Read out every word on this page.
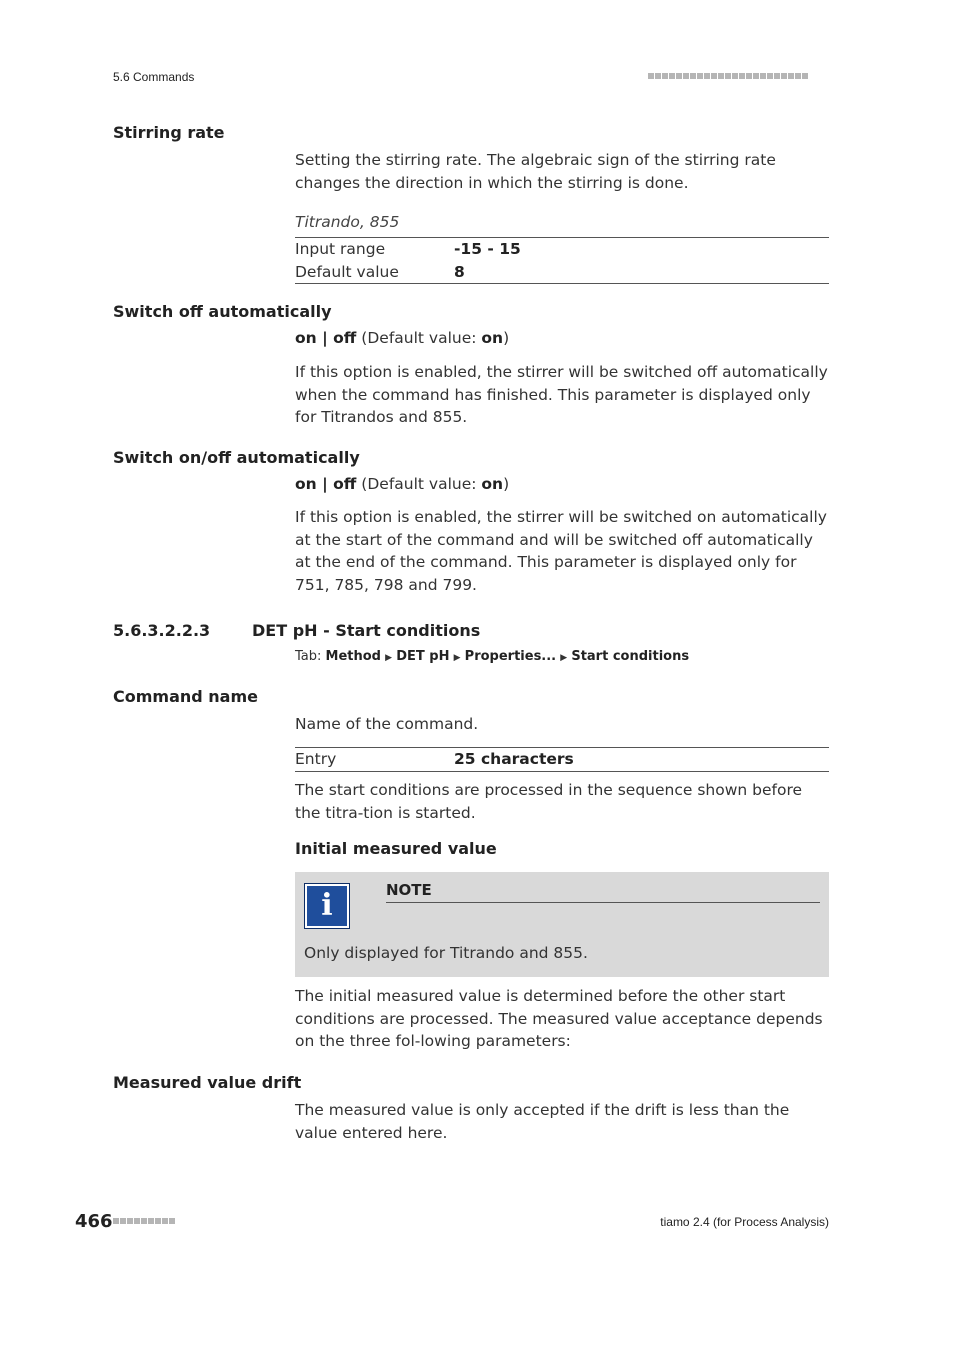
5.6 Commands
Stirring rate

Setting the stirring rate. The algebraic sign of the stirring rate changes the direction in which the stirring is done.

Titrando, 855
Input range	-15 - 15
Default value	8
Switch off automatically
on | off (Default value: on)

If this option is enabled, the stirrer will be switched off automatically when the command has finished. This parameter is displayed only for Titrandos and 855.

Switch on/off automatically
on | off (Default value: on)

If this option is enabled, the stirrer will be switched on automatically at the start of the command and will be switched off automatically at the end of the command. This parameter is displayed only for 751, 785, 798 and 799.

5.6.3.2.2.3	DET pH - Start conditions
Tab: Method ▶ DET pH ▶ Properties... ▶ Start conditions
Command name

Name of the command.

Entry	25 characters

The start conditions are processed in the sequence shown before the titra-tion is started.

Initial measured value
i	NOTE
Only displayed for Titrando and 855.

The initial measured value is determined before the other start conditions are processed. The measured value acceptance depends on the three fol-lowing parameters:

Measured value drift

The measured value is only accepted if the drift is less than the value entered here.

466	tiamo 2.4 (for Process Analysis)
